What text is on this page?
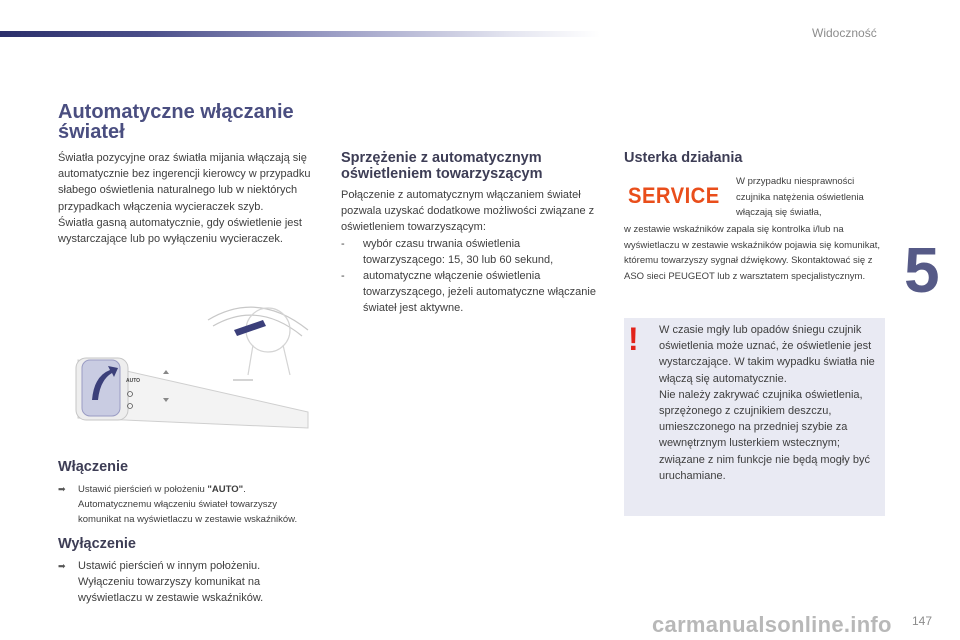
Widoczność
5
Automatyczne włączanie
świateł

Światła pozycyjne oraz światła mijania włączają się automatycznie bez ingerencji kierowcy w przypadku słabego oświetlenia naturalnego lub w niektórych przypadkach włączenia wycieraczek szyb.

Światła gasną automatycznie, gdy oświetlenie jest wystarczające lub po wyłączeniu wycieraczek.

AUTO
Włączenie
➡ Ustawić pierścień w położeniu "AUTO".
Automatycznemu włączeniu świateł towarzyszy komunikat na wyświetlaczu w zestawie wskaźników.
Wyłączenie
➡ Ustawić pierścień w innym położeniu.
Wyłączeniu towarzyszy komunikat na wyświetlaczu w zestawie wskaźników.
Sprzężenie z automatycznym
oświetleniem towarzyszącym

Połączenie z automatycznym włączaniem świateł pozwala uzyskać dodatkowe możliwości związane z oświetleniem towarzyszącym:

- wybór czasu trwania oświetlenia towarzyszącego: 15, 30 lub 60 sekund,
- automatyczne włączenie oświetlenia towarzyszącego, jeżeli automatyczne włączanie świateł jest aktywne.
Usterka działania
SERVICE
W przypadku niesprawności czujnika natężenia oświetlenia włączają się światła,
w zestawie wskaźników zapala się kontrolka i/lub na wyświetlaczu w zestawie wskaźników pojawia się komunikat, któremu towarzyszy sygnał dźwiękowy. Skontaktować się z ASO sieci PEUGEOT lub z warsztatem specjalistycznym.
! W czasie mgły lub opadów śniegu czujnik oświetlenia może uznać, że oświetlenie jest wystarczające. W takim wypadku światła nie włączą się automatycznie.

Nie należy zakrywać czujnika oświetlenia, sprzężonego z czujnikiem deszczu, umieszczonego na przedniej szybie za wewnętrznym lusterkiem wstecznym; związane z nim funkcje nie będą mogły być uruchamiane.

carmanualsonline.info 147
